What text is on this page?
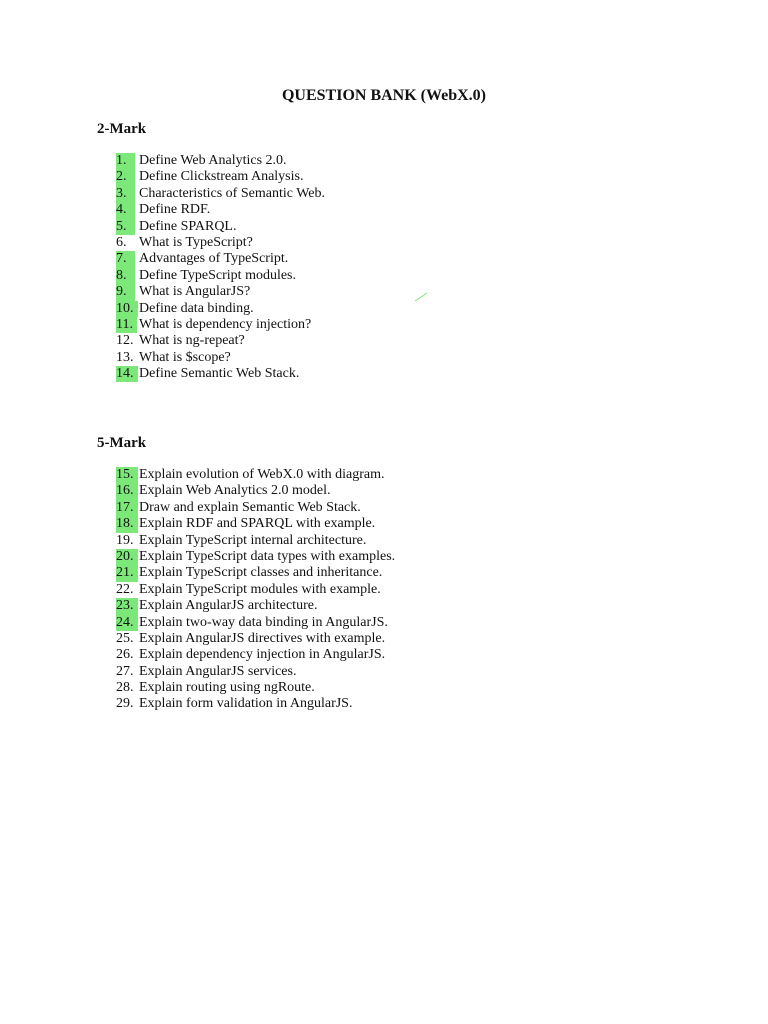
QUESTION BANK (WebX.0)
2-Mark
1. Define Web Analytics 2.0.
2. Define Clickstream Analysis.
3. Characteristics of Semantic Web.
4. Define RDF.
5. Define SPARQL.
6. What is TypeScript?
7. Advantages of TypeScript.
8. Define TypeScript modules.
9. What is AngularJS?
10. Define data binding.
11. What is dependency injection?
12. What is ng-repeat?
13. What is $scope?
14. Define Semantic Web Stack.
5-Mark
15. Explain evolution of WebX.0 with diagram.
16. Explain Web Analytics 2.0 model.
17. Draw and explain Semantic Web Stack.
18. Explain RDF and SPARQL with example.
19. Explain TypeScript internal architecture.
20. Explain TypeScript data types with examples.
21. Explain TypeScript classes and inheritance.
22. Explain TypeScript modules with example.
23. Explain AngularJS architecture.
24. Explain two-way data binding in AngularJS.
25. Explain AngularJS directives with example.
26. Explain dependency injection in AngularJS.
27. Explain AngularJS services.
28. Explain routing using ngRoute.
29. Explain form validation in AngularJS.
